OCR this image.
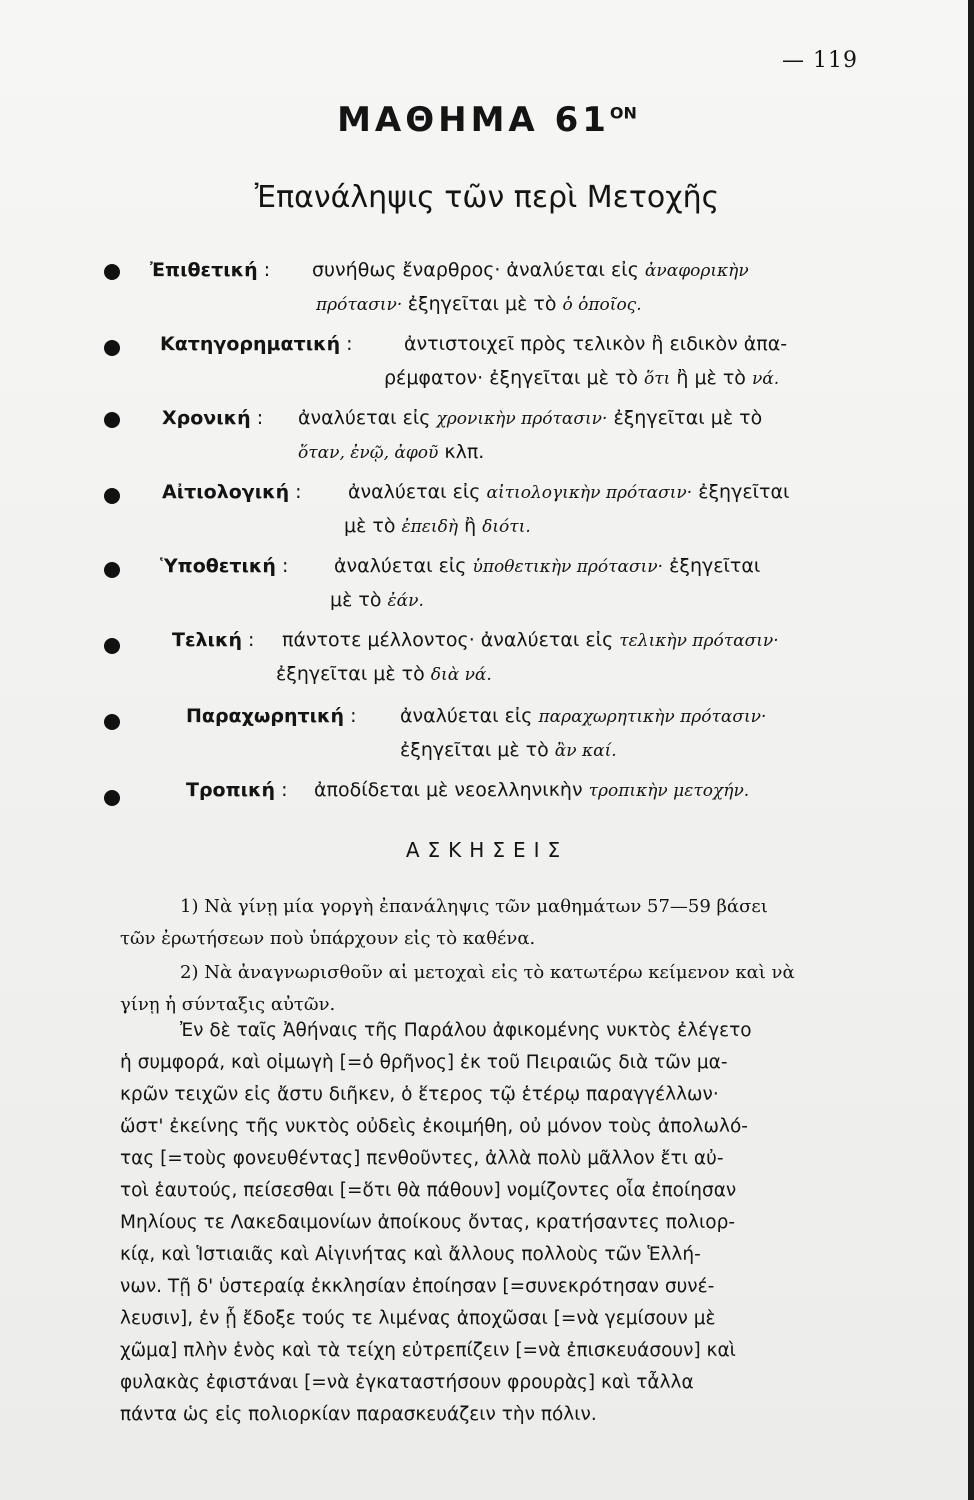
— 119
ΜΑΘΗΜΑ $61^{ON}$
Ἐπανάληψις τῶν περὶ Μετοχῆς
Ἐπιθετική :	συνήθως ἔναρθρος· ἀναλύεται εἰς ἀναφορικὴν
πρότασιν· ἐξηγεῖται μὲ τὸ ὁ ὁποῖος.
Κατηγορηματική :	ἀντιστοιχεῖ πρὸς τελικὸν ἢ ειδικὸν ἀπα-
ρέμφατον· ἐξηγεῖται μὲ τὸ ὅτι ἢ μὲ τὸ νά.
Χρονική :	ἀναλύεται εἰς χρονικὴν πρότασιν· ἐξηγεῖται μὲ τὸ
ὅταν, ἐνῷ, ἀφοῦ κλπ.
Αἰτιολογική :	ἀναλύεται εἰς αἰτιολογικὴν πρότασιν· ἐξηγεῖται
μὲ τὸ ἐπειδὴ ἢ διότι.
Ὑποθετική :	ἀναλύεται εἰς ὑποθετικὴν πρότασιν· ἐξηγεῖται
μὲ τὸ ἐάν.
Τελική :	πάντοτε μέλλοντος· ἀναλύεται εἰς τελικὴν πρότασιν·
ἐξηγεῖται μὲ τὸ διὰ νά.
Παραχωρητική :	ἀναλύεται εἰς παραχωρητικὴν πρότασιν·
ἐξηγεῖται μὲ τὸ ἂν καί.
Τροπική :	ἀποδίδεται μὲ νεοελληνικὴν τροπικὴν μετοχήν.
ΑΣΚΗΣΕΙΣ
1) Νὰ γίνῃ μία γοργὴ ἐπανάληψις τῶν μαθημάτων 57—59 βάσει
τῶν ἐρωτήσεων ποὺ ὑπάρχουν εἰς τὸ καθένα.
2) Νὰ ἀναγνωρισθοῦν αἱ μετοχαὶ εἰς τὸ κατωτέρω κείμενον καὶ νὰ
γίνῃ ἡ σύνταξις αὐτῶν.
Ἐν δὲ ταῖς Ἀθήναις τῆς Παράλου ἀφικομένης νυκτὸς ἐλέγετο
ἡ συμφορά, καὶ οἰμωγὴ [=ὁ θρῆνος] ἐκ τοῦ Πειραιῶς διὰ τῶν μα-
κρῶν τειχῶν εἰς ἄστυ διῆκεν, ὁ ἕτερος τῷ ἑτέρῳ παραγγέλλων·
ὥστ' ἐκείνης τῆς νυκτὸς οὐδεὶς ἐκοιμήθη, οὐ μόνον τοὺς ἀπολωλό-
τας [=τοὺς φονευθέντας] πενθοῦντες, ἀλλὰ πολὺ μᾶλλον ἔτι αὐ-
τοὶ ἑαυτούς, πείσεσθαι [=ὅτι θὰ πάθουν] νομίζοντες οἷα ἐποίησαν
Μηλίους τε Λακεδαιμονίων ἀποίκους ὄντας, κρατήσαντες πολιορ-
κίᾳ, καὶ Ἱστιαιᾶς καὶ Αἰγινήτας καὶ ἄλλους πολλοὺς τῶν Ἑλλή-
νων. Τῇ δ' ὑστεραίᾳ ἐκκλησίαν ἐποίησαν [=συνεκρότησαν συνέ-
λευσιν], ἐν ᾗ ἔδοξε τούς τε λιμένας ἀποχῶσαι [=νὰ γεμίσουν μὲ
χῶμα] πλὴν ἑνὸς καὶ τὰ τείχη εὐτρεπίζειν [=νὰ ἐπισκευάσουν] καὶ
φυλακὰς ἐφιστάναι [=νὰ ἐγκαταστήσουν φρουρὰς] καὶ τἆλλα
πάντα ὡς εἰς πολιορκίαν παρασκευάζειν τὴν πόλιν.
